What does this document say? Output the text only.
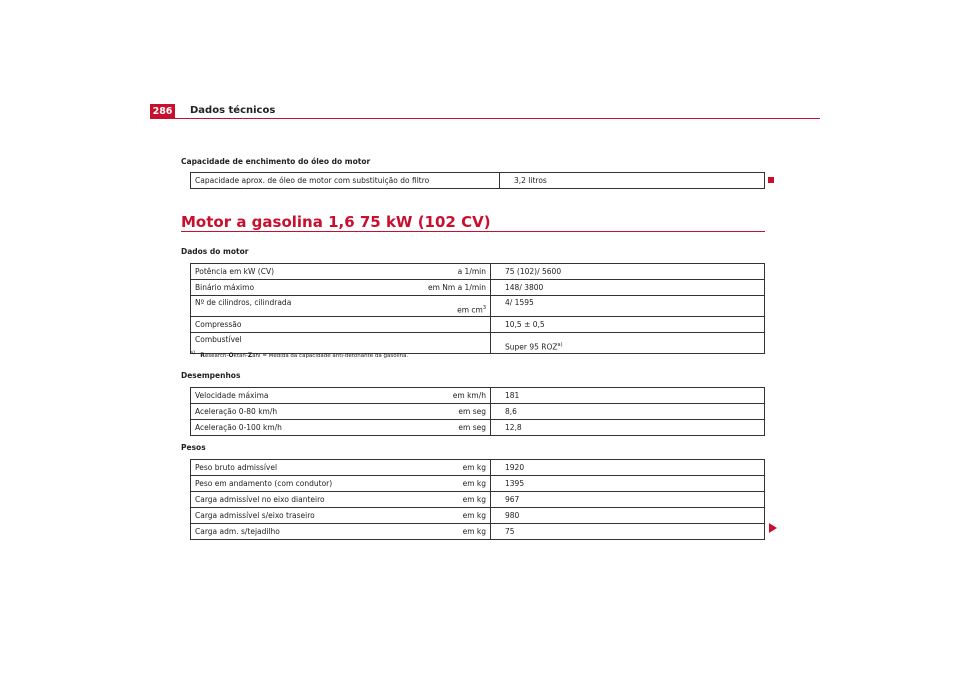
286 Dados técnicos
Capacidade de enchimento do óleo do motor
Capacidade aprox. de óleo de motor com substituição do filtro	3,2 litros
Motor a gasolina 1,6 75 kW (102 CV)
Dados do motor
Potência em kW (CV)	a 1/min	75 (102)/ 5600
Binário máximo	em Nm a 1/min	148/ 3800
Nº de cilindros, cilindrada	em $cm^3$	4/ 1595
Compressão		10,5 ± 0,5
Combustível		Super 95 ROZ$^{a)}$
$^{a)}$ Research-Oktan-Zahl = Medida da capacidade anti-detonante da gasolina.
Desempenhos
Velocidade máxima	em km/h	181
Aceleração 0-80 km/h	em seg	8,6
Aceleração 0-100 km/h	em seg	12,8
Pesos
Peso bruto admissível	em kg	1920
Peso em andamento (com condutor)	em kg	1395
Carga admissível no eixo dianteiro	em kg	967
Carga admissível s/eixo traseiro	em kg	980
Carga adm. s/tejadilho	em kg	75
